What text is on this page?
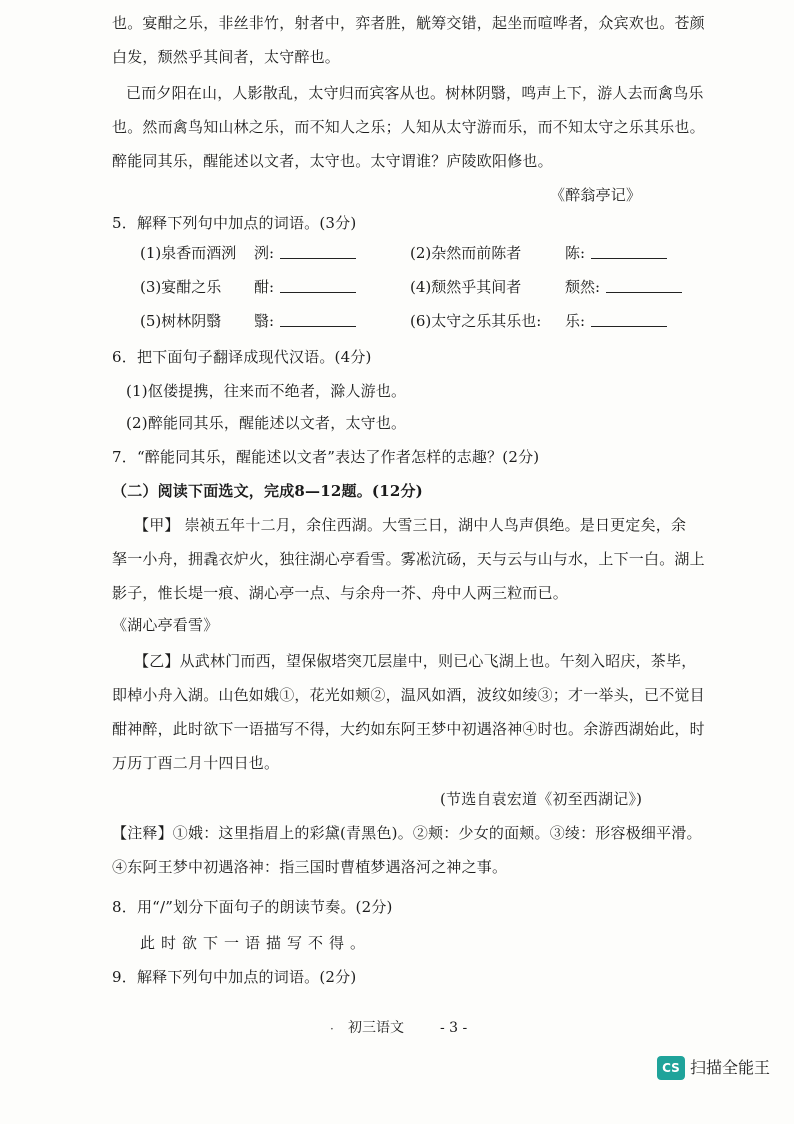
也。宴酣之乐，非丝非竹，射者中，弈者胜，觥筹交错，起坐而喧哗者，众宾欢也。苍颜
白发，颓然乎其间者，太守醉也。
已而夕阳在山，人影散乱，太守归而宾客从也。树林阴翳，鸣声上下，游人去而禽鸟乐
也。然而禽鸟知山林之乐，而不知人之乐；人知从太守游而乐，而不知太守之乐其乐也。
醉能同其乐，醒能述以文者，太守也。太守谓谁？庐陵欧阳修也。
《醉翁亭记》
5．解释下列句中加点的词语。(3分)
(1)泉香而酒洌 洌:	(2)杂然而前陈者	陈:
(3)宴酣之乐 酣:	(4)颓然乎其间者	颓然:
(5)树林阴翳 翳:	(6)太守之乐其乐也: 乐:
6．把下面句子翻译成现代汉语。(4分)
(1)伛偻提携，往来而不绝者，滁人游也。
(2)醉能同其乐，醒能述以文者，太守也。
7．“醉能同其乐，醒能述以文者”表达了作者怎样的志趣？(2分)
（二）阅读下面选文，完成8—12题。(12分)
【甲】 崇祯五年十二月，余住西湖。大雪三日，湖中人鸟声俱绝。是日更定矣，余
拏一小舟，拥毳衣炉火，独往湖心亭看雪。雾凇沆砀，天与云与山与水，上下一白。湖上
影子，惟长堤一痕、湖心亭一点、与余舟一芥、舟中人两三粒而已。
《湖心亭看雪》
【乙】从武林门而西，望保俶塔突兀层崖中，则已心飞湖上也。午刻入昭庆，茶毕，
即棹小舟入湖。山色如娥①，花光如颊②，温风如酒，波纹如绫③；才一举头，已不觉目
酣神醉，此时欲下一语描写不得，大约如东阿王梦中初遇洛神④时也。余游西湖始此，时
万历丁酉二月十四日也。
(节选自袁宏道《初至西湖记》)
【注释】①娥：这里指眉上的彩黛(青黑色)。②颊：少女的面颊。③绫：形容极细平滑。
④东阿王梦中初遇洛神：指三国时曹植梦遇洛河之神之事。
8．用“/”划分下面句子的朗读节奏。(2分)
此时欲下一语描写不得。
9．解释下列句中加点的词语。(2分)
· 初三语文	- 3 -
CS 扫描全能王
